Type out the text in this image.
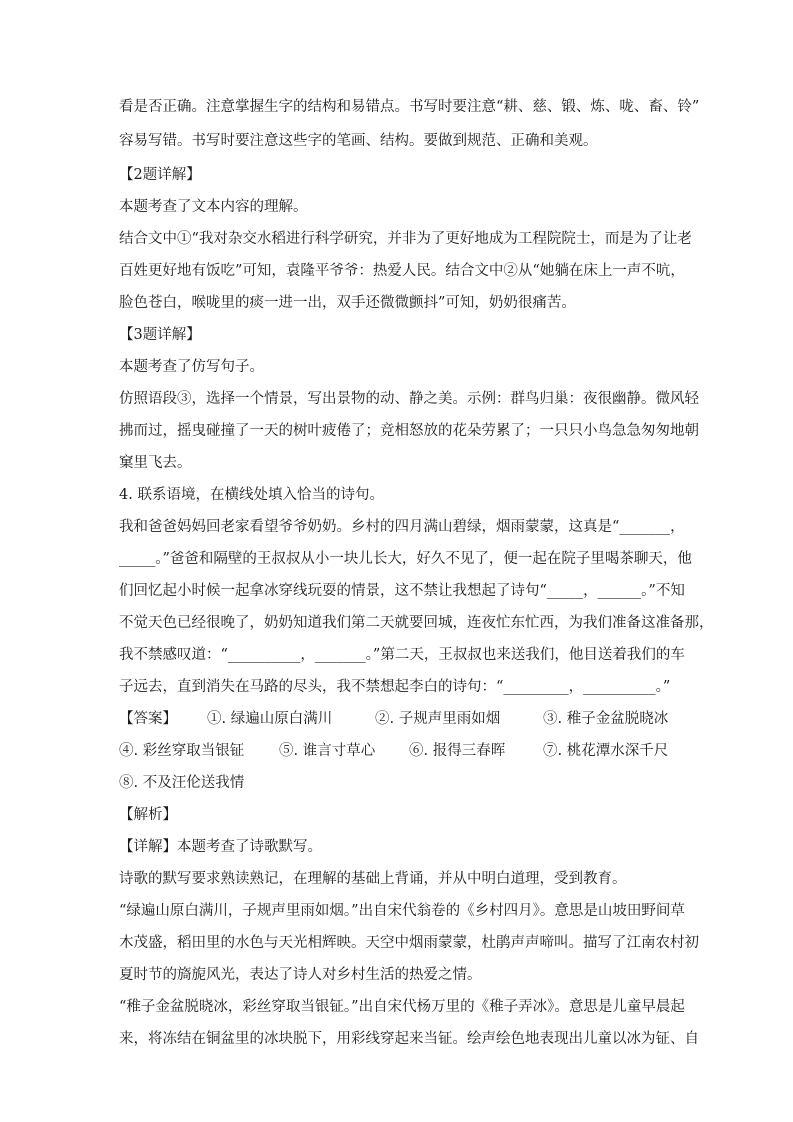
看是否正确。注意掌握生字的结构和易错点。书写时要注意“耕、慈、锻、炼、咙、畜、铃”
容易写错。书写时要注意这些字的笔画、结构。要做到规范、正确和美观。
【2题详解】
本题考查了文本内容的理解。
结合文中①“我对杂交水稻进行科学研究，并非为了更好地成为工程院院士，而是为了让老
百姓更好地有饭吃”可知，袁隆平爷爷：热爱人民。结合文中②从“她躺在床上一声不吭，
脸色苍白，喉咙里的痰一进一出，双手还微微颤抖”可知，奶奶很痛苦。
【3题详解】
本题考查了仿写句子。
仿照语段③，选择一个情景，写出景物的动、静之美。示例：群鸟归巢：夜很幽静。微风轻
拂而过，摇曳碰撞了一天的树叶疲倦了；竞相怒放的花朵劳累了；一只只小鸟急急匆匆地朝
窠里飞去。
4. 联系语境，在横线处填入恰当的诗句。
我和爸爸妈妈回老家看望爷爷奶奶。乡村的四月满山碧绿，烟雨蒙蒙，这真是“_______，
_____。”爸爸和隔壁的王叔叔从小一块儿长大，好久不见了，便一起在院子里喝茶聊天，他
们回忆起小时候一起拿冰穿线玩耍的情景，这不禁让我想起了诗句“_____，______。”不知
不觉天色已经很晚了，奶奶知道我们第二天就要回城，连夜忙东忙西，为我们准备这准备那，
我不禁感叹道：“__________，_______。”第二天，王叔叔也来送我们，他目送着我们的车
子远去，直到消失在马路的尽头，我不禁想起李白的诗句：“_________，__________。”

【答案】

①. 绿遍山原白满川

	②. 子规声里雨如烟

	③. 稚子金盆脱晓冰

④. 彩丝穿取当银钲

⑤. 谁言寸草心

⑥. 报得三春晖

	⑦. 桃花潭水深千尺

⑧. 不及汪伦送我情

【解析】
【详解】本题考查了诗歌默写。
诗歌的默写要求熟读熟记，在理解的基础上背诵，并从中明白道理，受到教育。
“绿遍山原白满川，子规声里雨如烟。”出自宋代翁卷的《乡村四月》。意思是山坡田野间草
木茂盛，稻田里的水色与天光相辉映。天空中烟雨蒙蒙，杜鹃声声啼叫。描写了江南农村初
夏时节的旖旎风光，表达了诗人对乡村生活的热爱之情。
“稚子金盆脱晓冰，彩丝穿取当银钲。”出自宋代杨万里的《稚子弄冰》。意思是儿童早晨起
来，将冻结在铜盆里的冰块脱下，用彩线穿起来当钲。绘声绘色地表现出儿童以冰为钲、自
